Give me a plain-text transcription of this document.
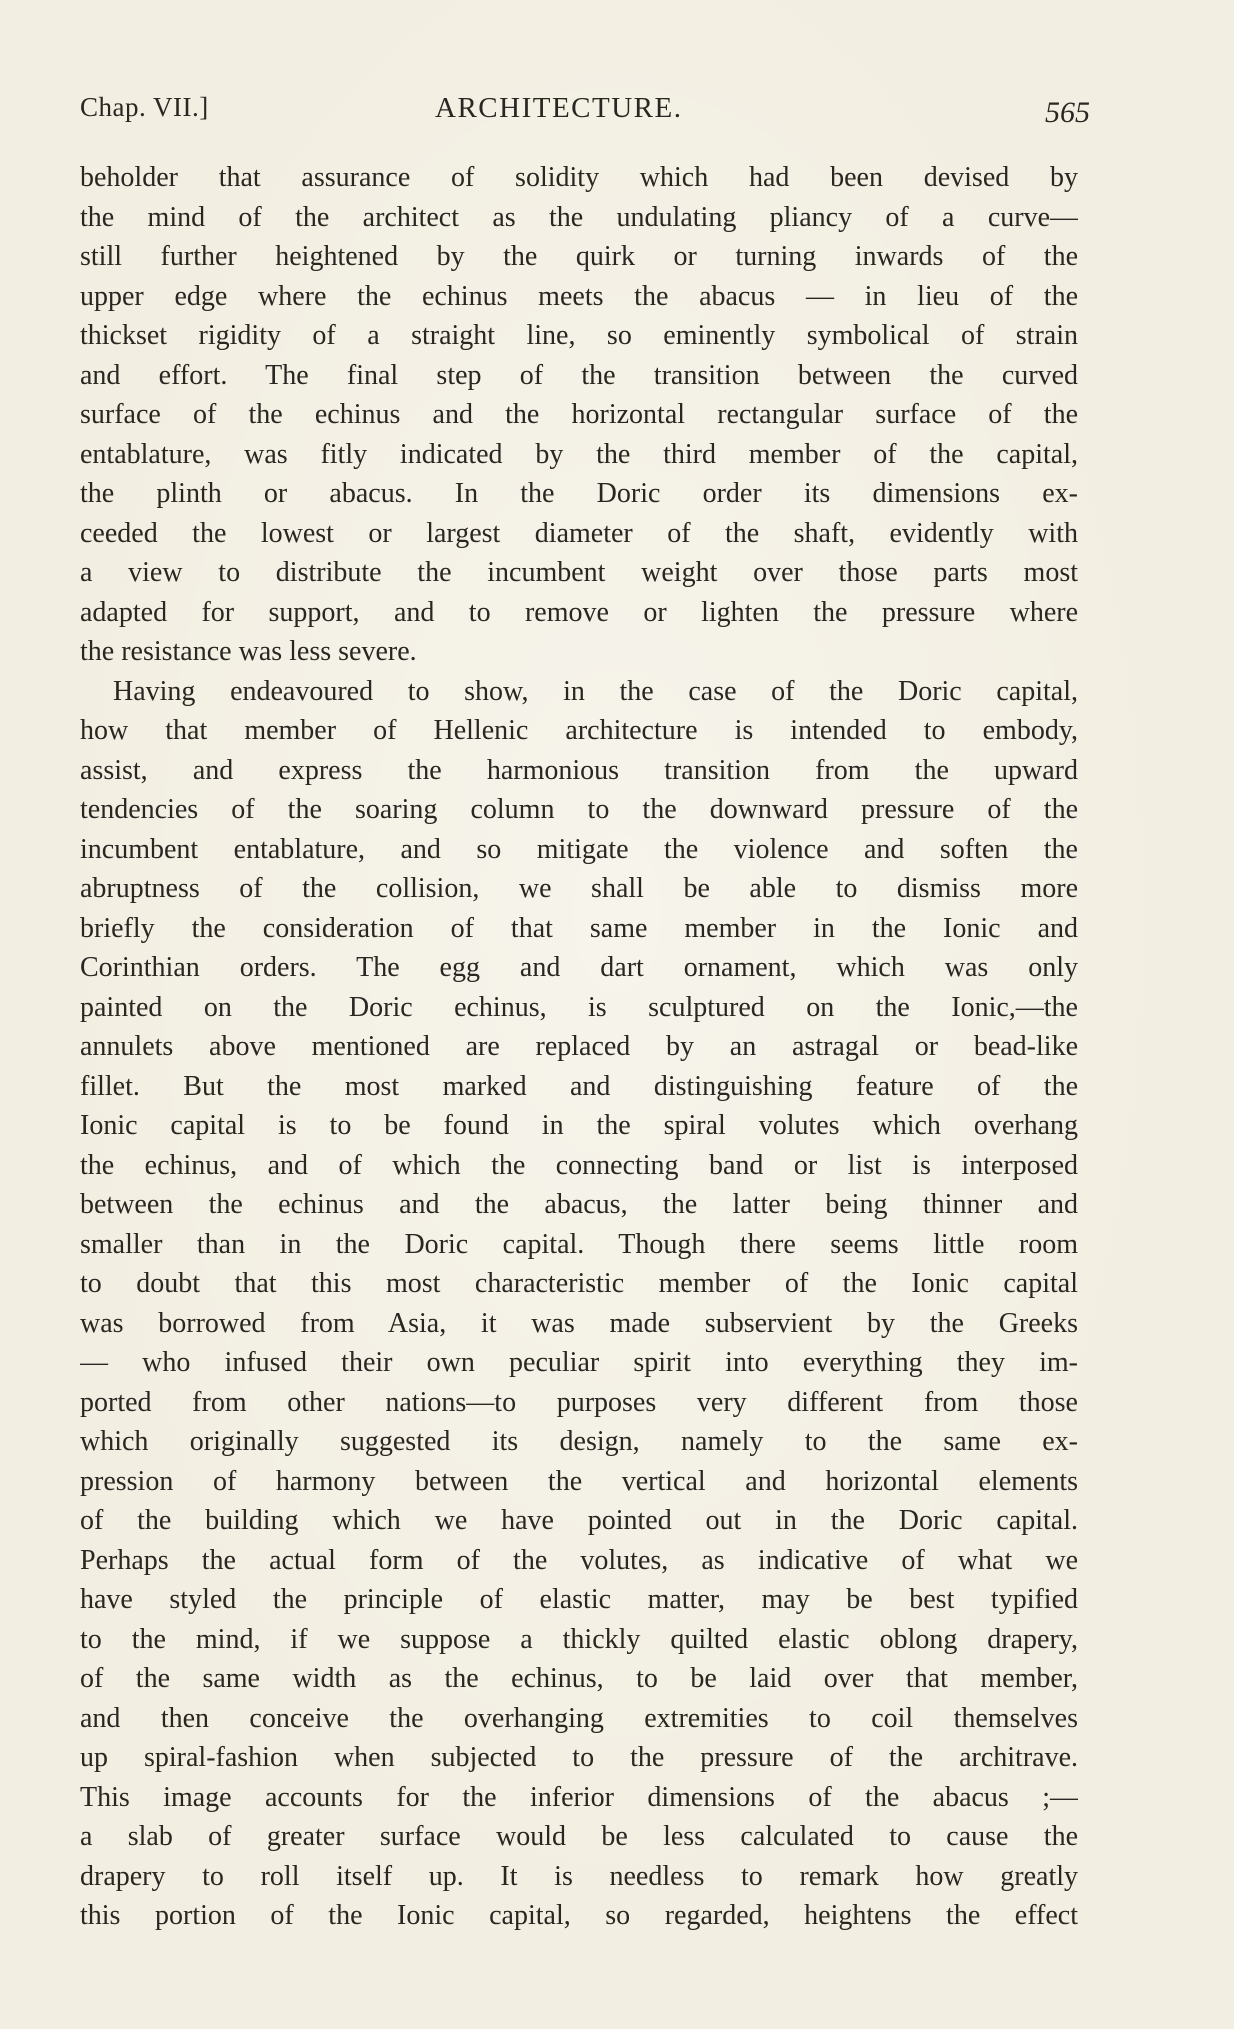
Chap. VII.]	ARCHITECTURE.	565
beholder that assurance of solidity which had been devised by
the mind of the architect as the undulating pliancy of a curve—
still further heightened by the quirk or turning inwards of the
upper edge where the echinus meets the abacus — in lieu of the
thickset rigidity of a straight line, so eminently symbolical of strain
and effort. The final step of the transition between the curved
surface of the echinus and the horizontal rectangular surface of the
entablature, was fitly indicated by the third member of the capital,
the plinth or abacus. In the Doric order its dimensions ex-
ceeded the lowest or largest diameter of the shaft, evidently with
a view to distribute the incumbent weight over those parts most
adapted for support, and to remove or lighten the pressure where
the resistance was less severe.
Having endeavoured to show, in the case of the Doric capital,
how that member of Hellenic architecture is intended to embody,
assist, and express the harmonious transition from the upward
tendencies of the soaring column to the downward pressure of the
incumbent entablature, and so mitigate the violence and soften the
abruptness of the collision, we shall be able to dismiss more
briefly the consideration of that same member in the Ionic and
Corinthian orders. The egg and dart ornament, which was only
painted on the Doric echinus, is sculptured on the Ionic,—the
annulets above mentioned are replaced by an astragal or bead-like
fillet. But the most marked and distinguishing feature of the
Ionic capital is to be found in the spiral volutes which overhang
the echinus, and of which the connecting band or list is interposed
between the echinus and the abacus, the latter being thinner and
smaller than in the Doric capital. Though there seems little room
to doubt that this most characteristic member of the Ionic capital
was borrowed from Asia, it was made subservient by the Greeks
— who infused their own peculiar spirit into everything they im-
ported from other nations—to purposes very different from those
which originally suggested its design, namely to the same ex-
pression of harmony between the vertical and horizontal elements
of the building which we have pointed out in the Doric capital.
Perhaps the actual form of the volutes, as indicative of what we
have styled the principle of elastic matter, may be best typified
to the mind, if we suppose a thickly quilted elastic oblong drapery,
of the same width as the echinus, to be laid over that member,
and then conceive the overhanging extremities to coil themselves
up spiral-fashion when subjected to the pressure of the architrave.
This image accounts for the inferior dimensions of the abacus ;—
a slab of greater surface would be less calculated to cause the
drapery to roll itself up. It is needless to remark how greatly
this portion of the Ionic capital, so regarded, heightens the effect
